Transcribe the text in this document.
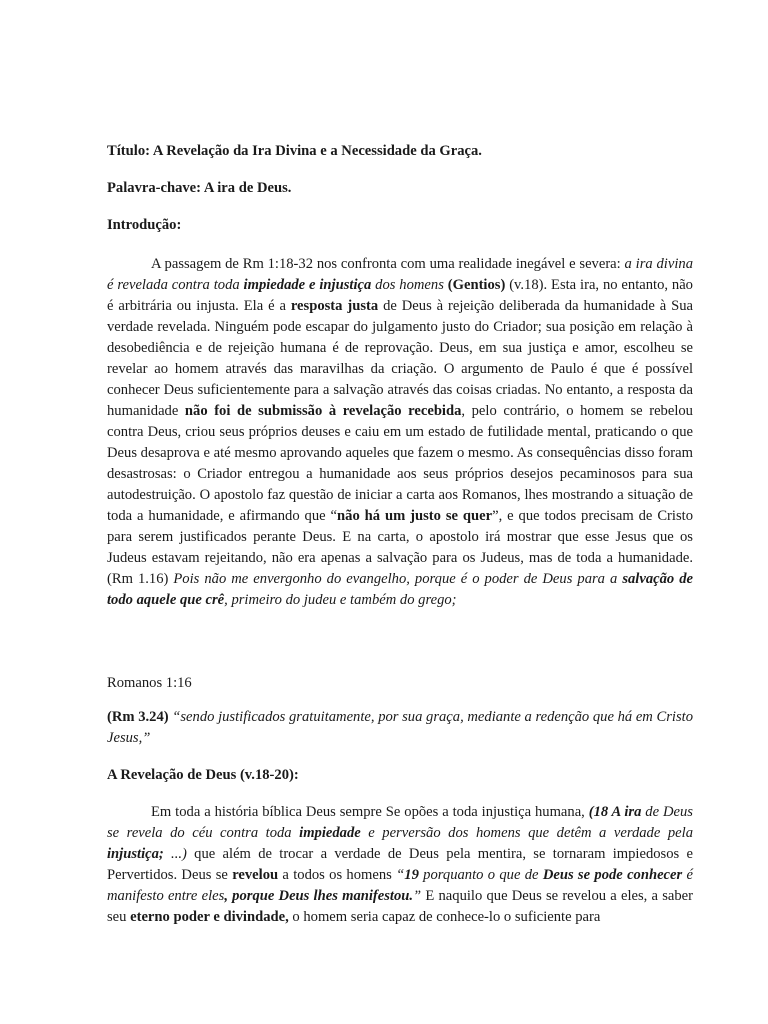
Título: A Revelação da Ira Divina e a Necessidade da Graça.

Palavra-chave: A ira de Deus.

Introdução:

A passagem de Rm 1:18-32 nos confronta com uma realidade inegável e severa: a ira divina é revelada contra toda impiedade e injustiça dos homens (Gentios) (v.18). Esta ira, no entanto, não é arbitrária ou injusta. Ela é a resposta justa de Deus à rejeição deliberada da humanidade à Sua verdade revelada. Ninguém pode escapar do julgamento justo do Criador; sua posição em relação à desobediência e de rejeição humana é de reprovação. Deus, em sua justiça e amor, escolheu se revelar ao homem através das maravilhas da criação. O argumento de Paulo é que é possível conhecer Deus suficientemente para a salvação através das coisas criadas. No entanto, a resposta da humanidade não foi de submissão à revelação recebida, pelo contrário, o homem se rebelou contra Deus, criou seus próprios deuses e caiu em um estado de futilidade mental, praticando o que Deus desaprova e até mesmo aprovando aqueles que fazem o mesmo. As consequências disso foram desastrosas: o Criador entregou a humanidade aos seus próprios desejos pecaminosos para sua autodestruição. O apostolo faz questão de iniciar a carta aos Romanos, lhes mostrando a situação de toda a humanidade, e afirmando que “não há um justo se quer”, e que todos precisam de Cristo para serem justificados perante Deus. E na carta, o apostolo irá mostrar que esse Jesus que os Judeus estavam rejeitando, não era apenas a salvação para os Judeus, mas de toda a humanidade. (Rm 1.16) Pois não me envergonho do evangelho, porque é o poder de Deus para a salvação de todo aquele que crê, primeiro do judeu e também do grego;

Romanos 1:16

(Rm 3.24) “sendo justificados gratuitamente, por sua graça, mediante a redenção que há em Cristo Jesus,”

A Revelação de Deus (v.18-20):

Em toda a história bíblica Deus sempre Se opões a toda injustiça humana, (18 A ira de Deus se revela do céu contra toda impiedade e perversão dos homens que detêm a verdade pela injustiça; ...) que além de trocar a verdade de Deus pela mentira, se tornaram impiedosos e Pervertidos. Deus se revelou a todos os homens “19 porquanto o que de Deus se pode conhecer é manifesto entre eles, porque Deus lhes manifestou.” E naquilo que Deus se revelou a eles, a saber seu eterno poder e divindade, o homem seria capaz de conhece-lo o suficiente para
